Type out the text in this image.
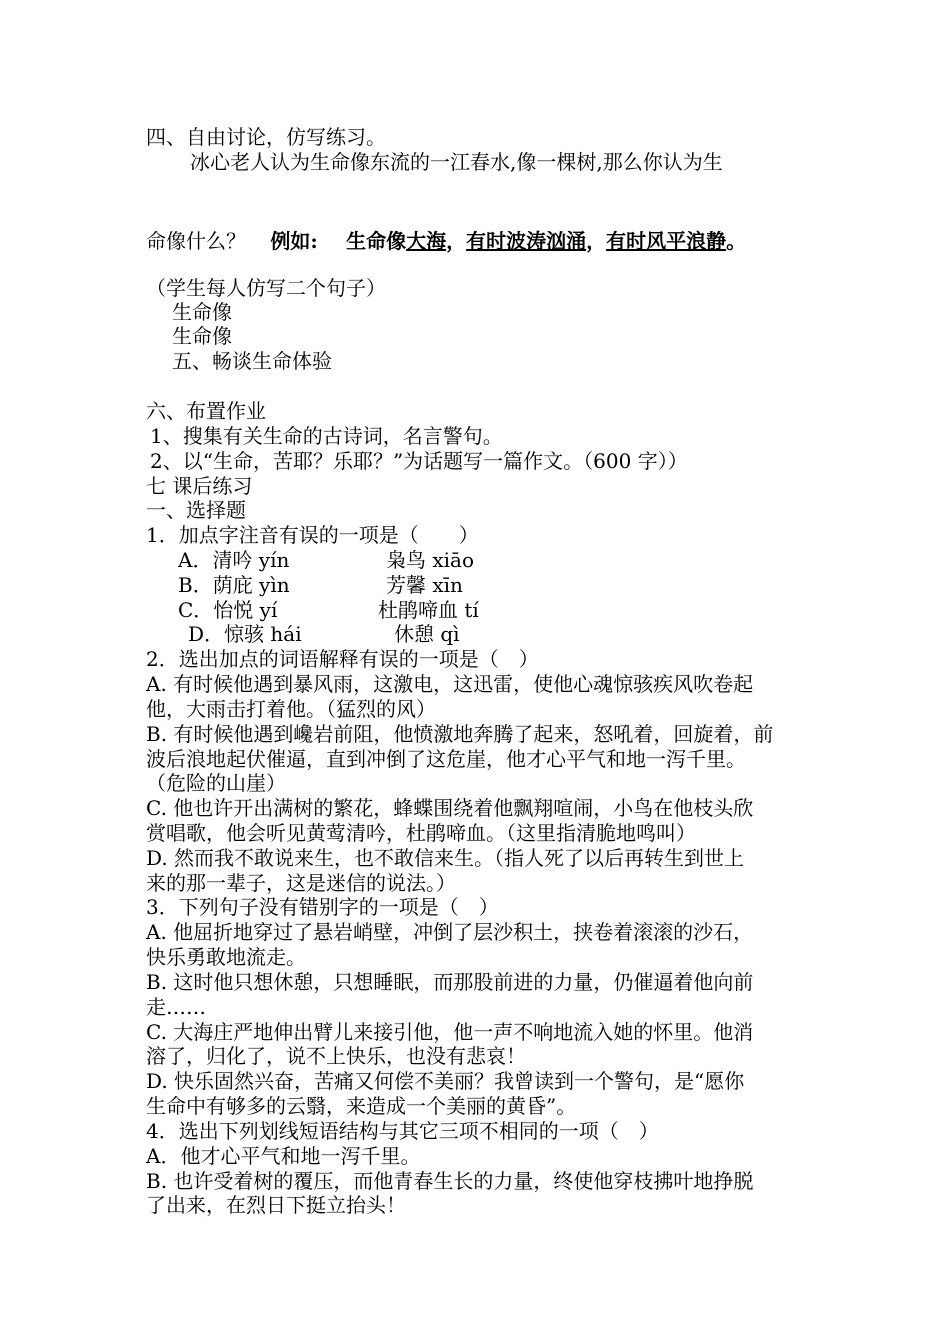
四、自由讨论，仿写练习。
冰心老人认为生命像东流的一江春水,像一棵树,那么你认为生
命像什么？ 例如: 生命像大海，有时波涛汹涌，有时风平浪静。
（学生每人仿写二个句子）
生命像
生命像
五、畅谈生命体验
六、布置作业
1、搜集有关生命的古诗词，名言警句。
2、以“生命，苦耶？乐耶？”为话题写一篇作文。（600 字））
七 课后练习
一、选择题
1．加点字注音有误的一项是（　　）
A．清吟 yín	枭鸟 xiāo
B．荫庇 yìn	芳馨 xīn
C．怡悦 yí	杜鹃啼血 tí
D．惊骇 hái	休憩 qì
2．选出加点的词语解释有误的一项是（　）
A. 有时候他遇到暴风雨，这激电，这迅雷，使他心魂惊骇疾风吹卷起
他，大雨击打着他。（猛烈的风）
B. 有时候他遇到巉岩前阻，他愤激地奔腾了起来，怒吼着，回旋着，前
波后浪地起伏催逼，直到冲倒了这危崖，他才心平气和地一泻千里。
（危险的山崖）
C. 他也许开出满树的繁花，蜂蝶围绕着他飘翔喧闹，小鸟在他枝头欣
赏唱歌，他会听见黄莺清吟，杜鹃啼血。（这里指清脆地鸣叫）
D. 然而我不敢说来生，也不敢信来生。（指人死了以后再转生到世上
来的那一辈子，这是迷信的说法。）
3．下列句子没有错别字的一项是（　）
A. 他屈折地穿过了悬岩峭壁，冲倒了层沙积土，挟卷着滚滚的沙石，
快乐勇敢地流走。
B. 这时他只想休憩，只想睡眠，而那股前进的力量，仍催逼着他向前
走……
C. 大海庄严地伸出臂儿来接引他，他一声不响地流入她的怀里。他消
溶了，归化了，说不上快乐，也没有悲哀！
D. 快乐固然兴奋，苦痛又何偿不美丽？我曾读到一个警句，是“愿你
生命中有够多的云翳，来造成一个美丽的黄昏”。
4．选出下列划线短语结构与其它三项不相同的一项（　）
A．他才心平气和地一泻千里。
B. 也许受着树的覆压，而他青春生长的力量，终使他穿枝拂叶地挣脱
了出来，在烈日下挺立抬头！
